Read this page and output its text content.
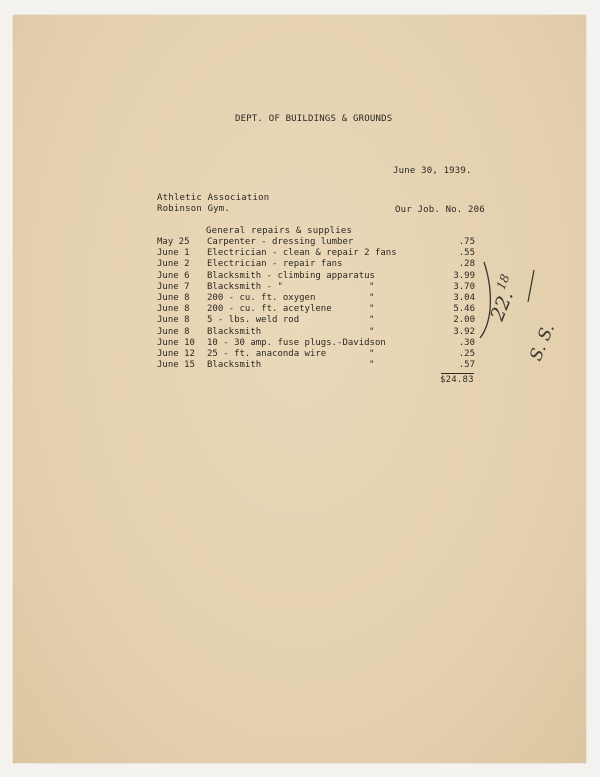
DEPT. OF BUILDINGS & GROUNDS
June 30, 1939.
Athletic Association
Robinson Gym.	Our Job. No. 206
General repairs & supplies
May 25 Carpenter - dressing lumber	.75
June 1 Electrician - clean & repair 2 fans	.55
June 2 Electrician - repair fans	.28
June 6 Blacksmith - climbing apparatus	3.99
June 7 Blacksmith - "	"	3.70
June 8 200 - cu. ft. oxygen	"	3.04
June 8 200 - cu. ft. acetylene	"	5.46
June 8 5 - lbs. weld rod	"	2.00
June 8 Blacksmith	"	3.92
June 10 10 - 30 amp. fuse plugs.-Davidson	.30
June 12 25 - ft. anaconda wire	"	.25
June 15 Blacksmith	"	.57
$24.83
22.
18
S. S.
